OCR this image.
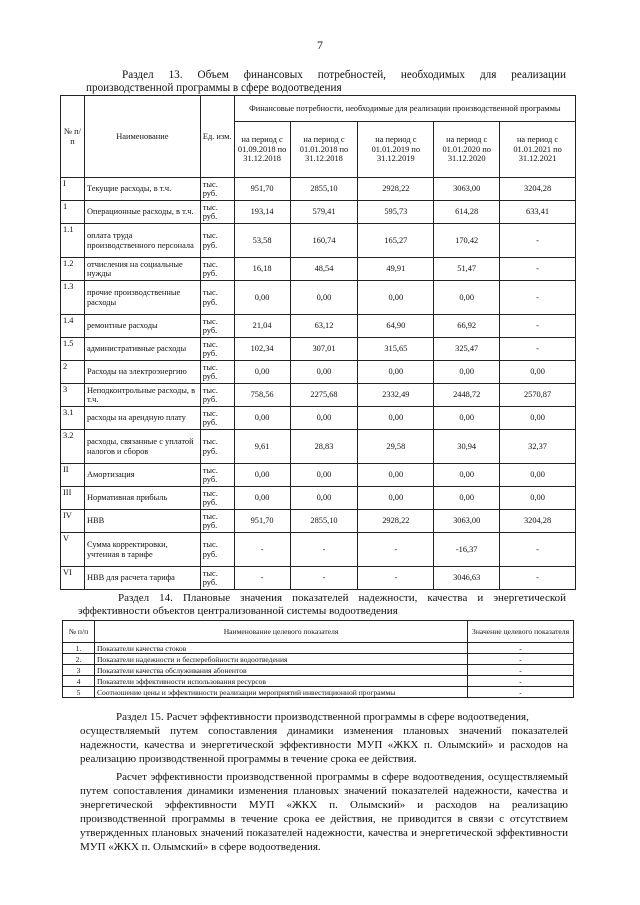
7
Раздел 13. Объем финансовых потребностей, необходимых для реализации
производственной программы в сфере водоотведения
№ п/п	Наименование	Ед. изм.	Финансовые потребности, необходимые для реализации производственной программы				
			на период с 01.09.2018 по 31.12.2018	на период с 01.01.2018 по 31.12.2018	на период с 01.01.2019 по 31.12.2019	на период с 01.01.2020 по 31.12.2020	на период с 01.01.2021 по 31.12.2021
I	Текущие расходы, в т.ч.	тыс. руб.	951,70	2855,10	2928,22	3063,00	3204,28
1	Операционные расходы, в т.ч.	тыс. руб.	193,14	579,41	595,73	614,28	633,41
1.1	оплата труда производственного персонала	тыс. руб.	53,58	160,74	165,27	170,42	-
1.2	отчисления на социальные нужды	тыс. руб.	16,18	48,54	49,91	51,47	-
1.3	прочие производственные расходы	тыс. руб.	0,00	0,00	0,00	0,00	-
1.4	ремонтные расходы	тыс. руб.	21,04	63,12	64,90	66,92	-
1.5	административные расходы	тыс. руб.	102,34	307,01	315,65	325,47	-
2	Расходы на электроэнергию	тыс. руб.	0,00	0,00	0,00	0,00	0,00
3	Неподконтрольные расходы, в т.ч.	тыс. руб.	758,56	2275,68	2332,49	2448,72	2570,87
3.1	расходы на арендную плату	тыс. руб.	0,00	0,00	0,00	0,00	0,00
3.2	расходы, связанные с уплатой налогов и сборов	тыс. руб.	9,61	28,83	29,58	30,94	32,37
II	Амортизация	тыс. руб.	0,00	0,00	0,00	0,00	0,00
III	Нормативная прибыль	тыс. руб.	0,00	0,00	0,00	0,00	0,00
IV	НВВ	тыс. руб.	951,70	2855,10	2928,22	3063,00	3204,28
V	Сумма корректировки, учтенная в тарифе	тыс. руб.	-	-	-	-16,37	-
VI	НВВ для расчета тарифа	тыс. руб.	-	-	-	3046,63	-
Раздел 14. Плановые значения показателей надежности, качества и энергетической
эффективности объектов централизованной системы водоотведения
№ п/п	Наименование целевого показателя	Значение целевого показателя
1.	Показатели качества стоков	-
2.	Показатели надежности и бесперебойности водоотведения	-
3	Показатели качества обслуживания абонентов	-
4	Показатели эффективности использования ресурсов	-
5	Соотношение цены и эффективности реализации мероприятий инвестиционной программы	-
Раздел 15. Расчет эффективности производственной программы в сфере водоотведения,
осуществляемый путем сопоставления динамики изменения плановых значений показателей надежности, качества и энергетической эффективности МУП «ЖКХ п. Олымский» и расходов на реализацию производственной программы в течение срока ее действия.
Расчет эффективности производственной программы в сфере водоотведения, осуществляемый путем сопоставления динамики изменения плановых значений показателей надежности, качества и энергетической эффективности МУП «ЖКХ п. Олымский» и расходов на реализацию производственной программы в течение срока ее действия, не приводится в связи с отсутствием утвержденных плановых значений показателей надежности, качества и энергетической эффективности МУП «ЖКХ п. Олымский» в сфере водоотведения.
